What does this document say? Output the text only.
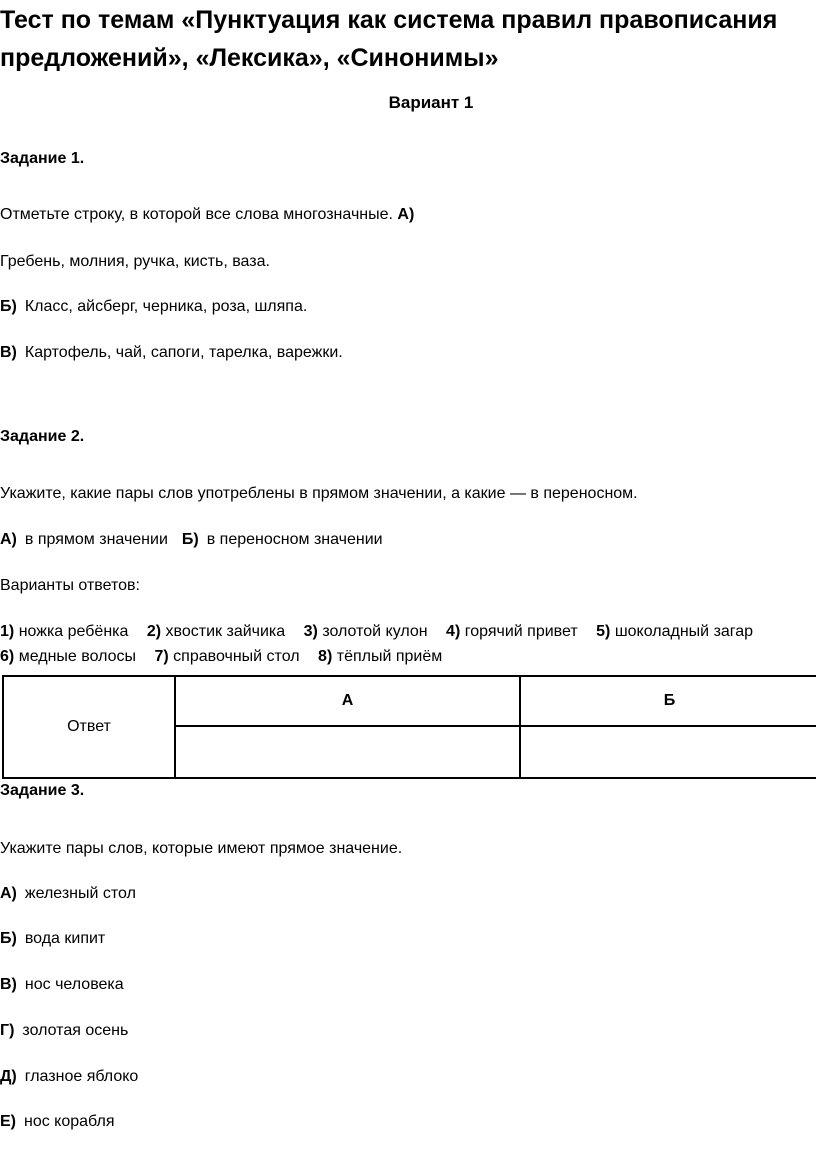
Тест по темам «Пунктуация как система правил правописания
предложений», «Лексика», «Синонимы»
Вариант 1
Задание 1.
Отметьте строку, в которой все слова многозначные. А)
Гребень, молния, ручка, кисть, ваза.
Б) Класс, айсберг, черника, роза, шляпа.
В) Картофель, чай, сапоги, тарелка, варежки.
Задание 2.
Укажите, какие пары слов употреблены в прямом значении, а какие — в переносном.
А) в прямом значении Б) в переносном значении
Варианты ответов:
1) ножка ребёнка 2) хвостик зайчика 3) золотой кулон 4) горячий привет 5) шоколадный загар
6) медные волосы 7) справочный стол 8) тёплый приём
Ответ	А	Б

Задание 3.
Укажите пары слов, которые имеют прямое значение.
А) железный стол
Б) вода кипит
В) нос человека
Г) золотая осень
Д) глазное яблоко
Е) нос корабля
